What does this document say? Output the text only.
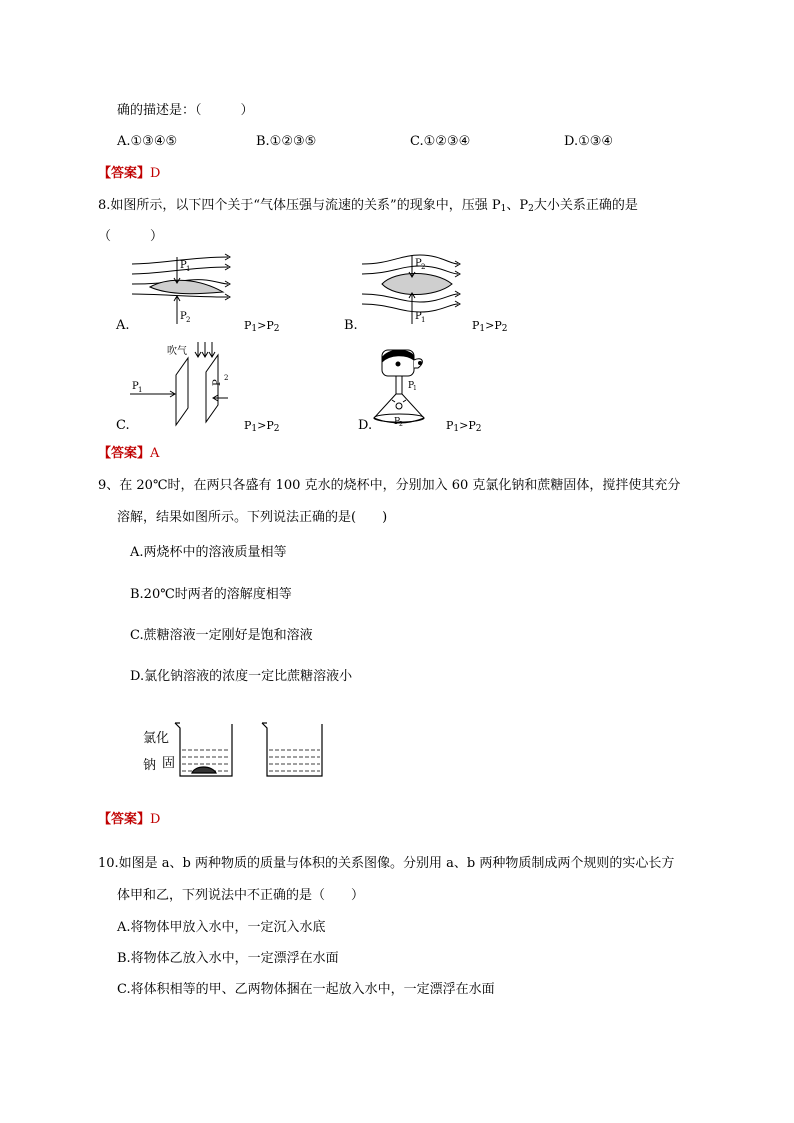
确的描述是：（　　　）
A.①③④⑤	B.①②③⑤	C.①②③④	D.①③④
【答案】D
8.如图所示，以下四个关于“气体压强与流速的关系”的现象中，压强 $P_1$、$P_2$大小关系正确的是
（　　　）
P 1
P 2
A.	$P_1>P_2$
P 2
P 1
B.	$P_1>P_2$
吹气
P 1
P
2
C.	$P_1>P_2$
P
1
P
2
D.	$P_1>P_2$
【答案】A
9、在 20℃时，在两只各盛有 100 克水的烧杯中，分别加入 60 克氯化钠和蔗糖固体，搅拌使其充分
溶解，结果如图所示。下列说法正确的是(　　)
A.两烧杯中的溶液质量相等
B.20℃时两者的溶解度相等
C.蔗糖溶液一定刚好是饱和溶液
D.氯化钠溶液的浓度一定比蔗糖溶液小
氯化
钠 固
【答案】D
10.如图是 a、b 两种物质的质量与体积的关系图像。分别用 a、b 两种物质制成两个规则的实心长方
体甲和乙，下列说法中不正确的是（　　）
A.将物体甲放入水中，一定沉入水底
B.将物体乙放入水中，一定漂浮在水面
C.将体积相等的甲、乙两物体捆在一起放入水中，一定漂浮在水面
